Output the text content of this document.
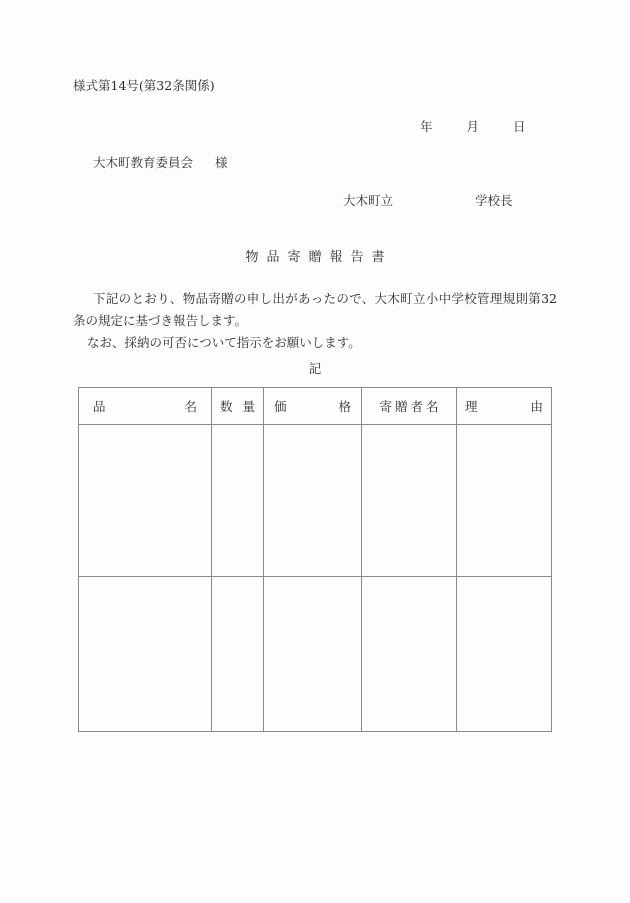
様式第14号(第32条関係)
年	月	日
大木町教育委員会 様
大木町立	学校長
物品寄贈報告書

下記のとおり、物品寄贈の申し出があったので、大木町立小中学校管理規則第32条の規定に基づき報告します。

なお、採納の可否について指示をお願いします。

記
品名	数量	価格	寄贈者名	理由
